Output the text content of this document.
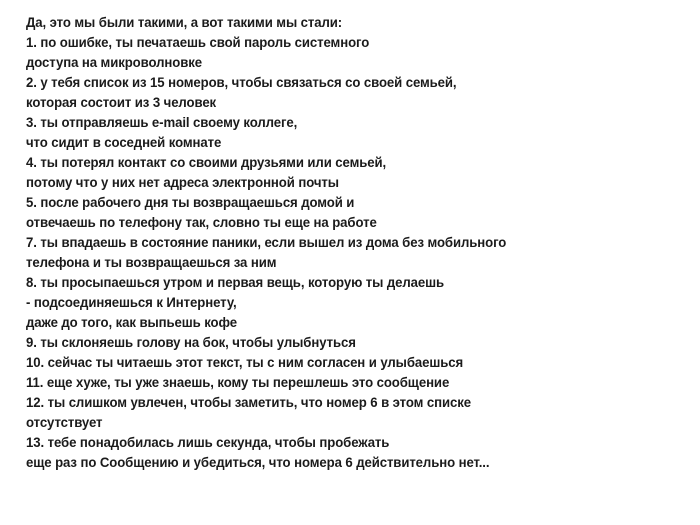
Да, это мы были такими, а вот такими мы стали:
1. по ошибке, ты печатаешь свой пароль системного
доступа на микроволновке
2. у тебя список из 15 номеров, чтобы связаться со своей семьей,
которая состоит из 3 человек
3. ты отправляешь e-mail своему коллеге,
что сидит в соседней комнате
4. ты потерял контакт со своими друзьями или семьей,
потому что у них нет адреса электронной почты
5. после рабочего дня ты возвращаешься домой и
отвечаешь по телефону так, словно ты еще на работе
7. ты впадаешь в состояние паники, если вышел из дома без мобильного
телефона и ты возвращаешься за ним
8. ты просыпаешься утром и первая вещь, которую ты делаешь
- подсоединяешься к Интернету,
даже до того, как выпьешь кофе
9. ты склоняешь голову на бок, чтобы улыбнуться
10. сейчас ты читаешь этот текст, ты с ним согласен и улыбаешься
11. еще хуже, ты уже знаешь, кому ты перешлешь это сообщение
12. ты слишком увлечен, чтобы заметить, что номер 6 в этом списке
отсутствует
13. тебе понадобилась лишь секунда, чтобы пробежать
еще раз по Сообщению и убедиться, что номера 6 действительно нет...
